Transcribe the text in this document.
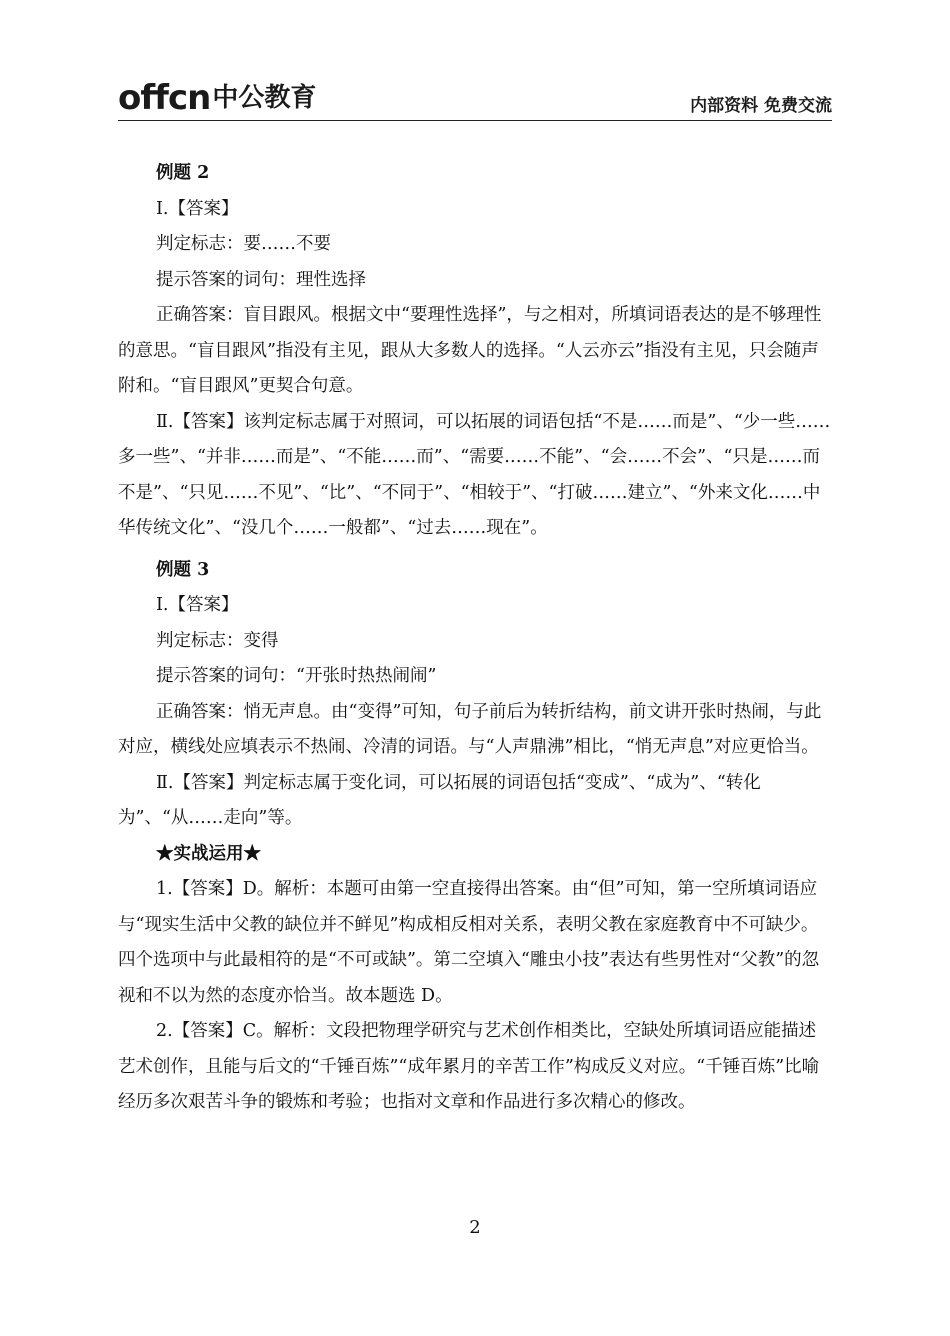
offcn 中公教育	内部资料 免费交流

例题 2

Ⅰ.【答案】

判定标志：要……不要

提示答案的词句：理性选择

正确答案：盲目跟风。根据文中“要理性选择”，与之相对，所填词语表达的是不够理性的意思。“盲目跟风”指没有主见，跟从大多数人的选择。“人云亦云”指没有主见，只会随声附和。“盲目跟风”更契合句意。

Ⅱ.【答案】该判定标志属于对照词，可以拓展的词语包括“不是……而是”、“少一些……多一些”、“并非……而是”、“不能……而”、“需要……不能”、“会……不会”、“只是……而不是”、“只见……不见”、“比”、“不同于”、“相较于”、“打破……建立”、“外来文化……中华传统文化”、“没几个……一般都”、“过去……现在”。

例题 3

Ⅰ.【答案】

判定标志：变得

提示答案的词句：“开张时热热闹闹”

正确答案：悄无声息。由“变得”可知，句子前后为转折结构，前文讲开张时热闹，与此对应，横线处应填表示不热闹、冷清的词语。与“人声鼎沸”相比，“悄无声息”对应更恰当。

Ⅱ.【答案】判定标志属于变化词，可以拓展的词语包括“变成”、“成为”、“转化为”、“从……走向”等。

★实战运用★

1.【答案】D。解析：本题可由第一空直接得出答案。由“但”可知，第一空所填词语应与“现实生活中父教的缺位并不鲜见”构成相反相对关系，表明父教在家庭教育中不可缺少。四个选项中与此最相符的是“不可或缺”。第二空填入“雕虫小技”表达有些男性对“父教”的忽视和不以为然的态度亦恰当。故本题选 D。

2.【答案】C。解析：文段把物理学研究与艺术创作相类比，空缺处所填词语应能描述艺术创作，且能与后文的“千锤百炼”“成年累月的辛苦工作”构成反义对应。“千锤百炼”比喻经历多次艰苦斗争的锻炼和考验；也指对文章和作品进行多次精心的修改。

2
